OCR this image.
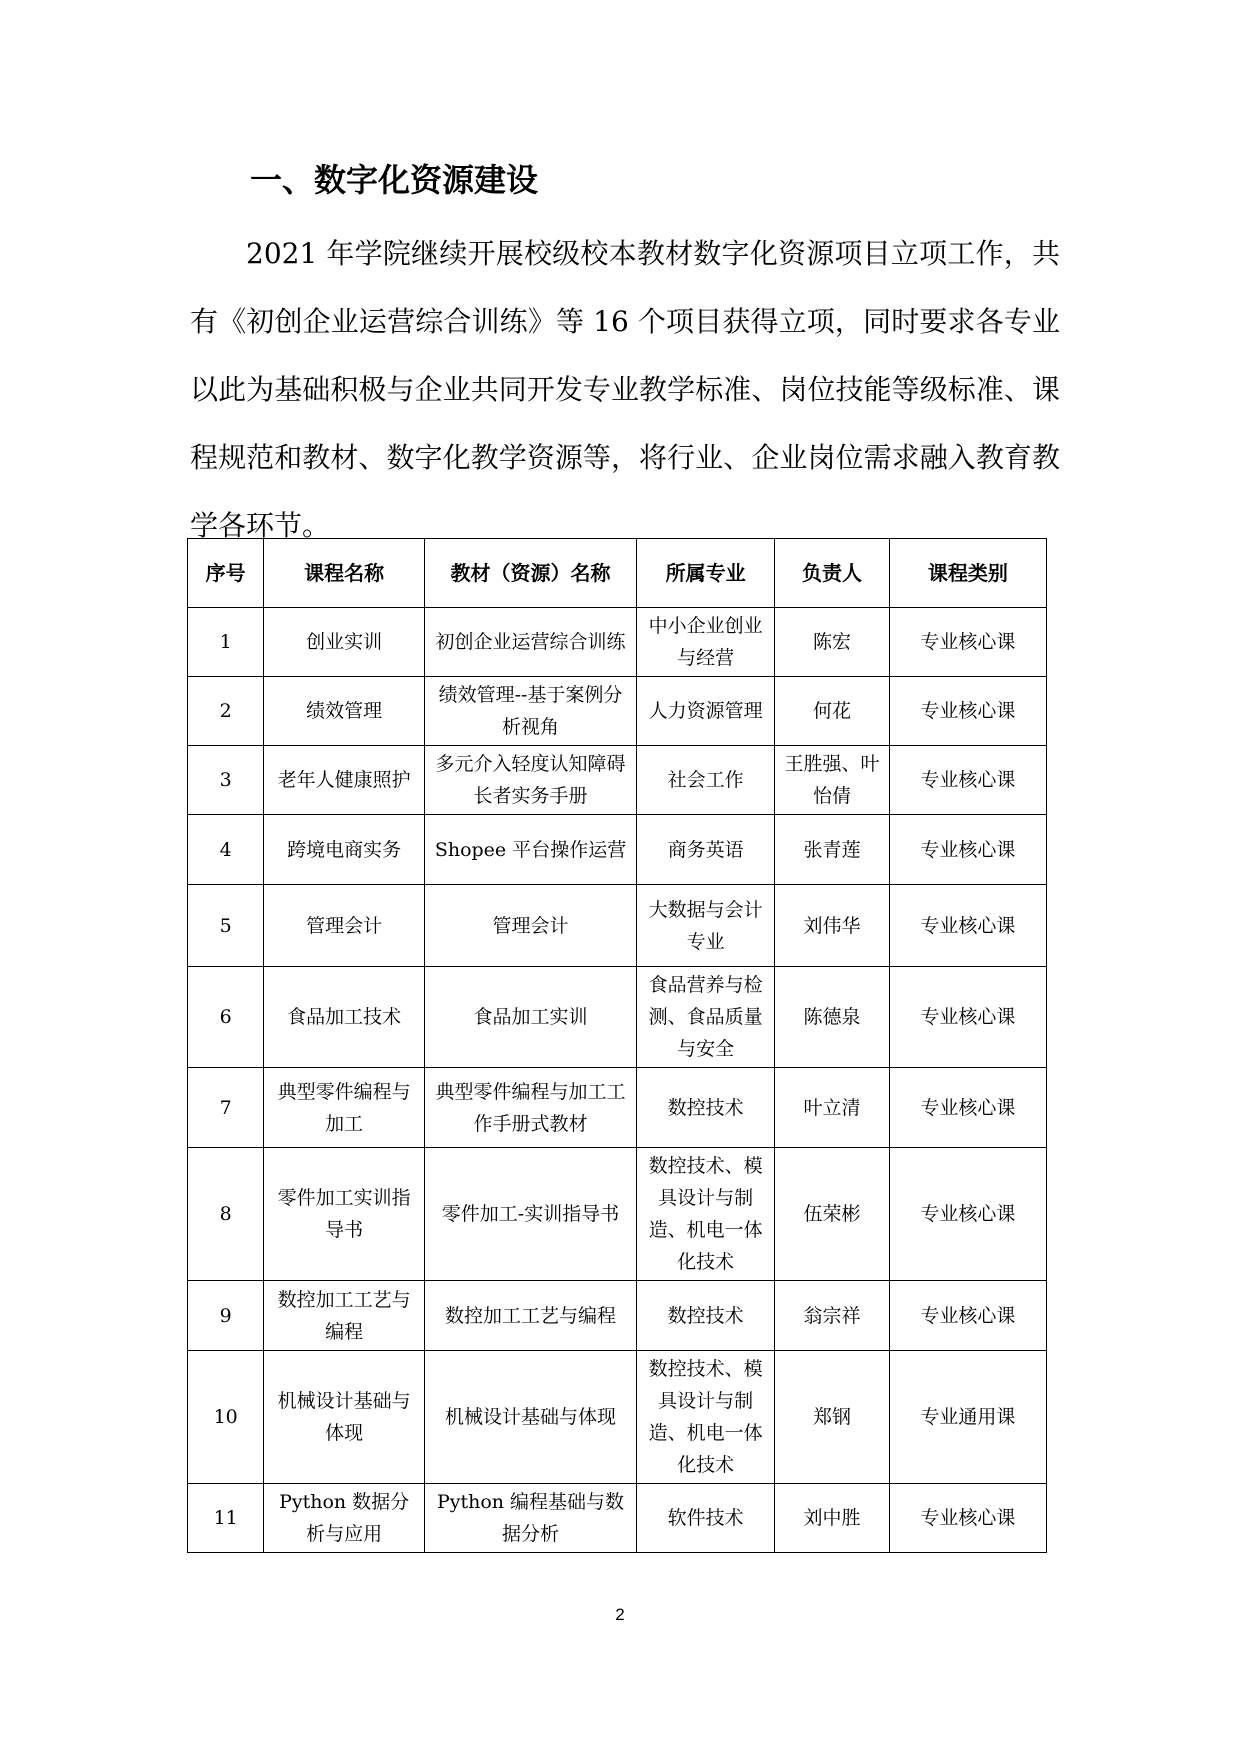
一、数字化资源建设

2021 年学院继续开展校级校本教材数字化资源项目立项工作，共有《初创企业运营综合训练》等 16 个项目获得立项，同时要求各专业以此为基础积极与企业共同开发专业教学标准、岗位技能等级标准、课程规范和教材、数字化教学资源等，将行业、企业岗位需求融入教育教学各环节。

序号	课程名称	教材（资源）名称	所属专业	负责人	课程类别
1	创业实训	初创企业运营综合训练	中小企业创业与经营	陈宏	专业核心课
2	绩效管理	绩效管理--基于案例分析视角	人力资源管理	何花	专业核心课
3	老年人健康照护	多元介入轻度认知障碍长者实务手册	社会工作	王胜强、叶怡倩	专业核心课
4	跨境电商实务	Shopee 平台操作运营	商务英语	张青莲	专业核心课
5	管理会计	管理会计	大数据与会计专业	刘伟华	专业核心课
6	食品加工技术	食品加工实训	食品营养与检测、食品质量与安全	陈德泉	专业核心课
7	典型零件编程与加工	典型零件编程与加工工作手册式教材	数控技术	叶立清	专业核心课
8	零件加工实训指导书	零件加工-实训指导书	数控技术、模具设计与制造、机电一体化技术	伍荣彬	专业核心课
9	数控加工工艺与编程	数控加工工艺与编程	数控技术	翁宗祥	专业核心课
10	机械设计基础与体现	机械设计基础与体现	数控技术、模具设计与制造、机电一体化技术	郑钢	专业通用课
11	Python 数据分析与应用	Python 编程基础与数据分析	软件技术	刘中胜	专业核心课
2
